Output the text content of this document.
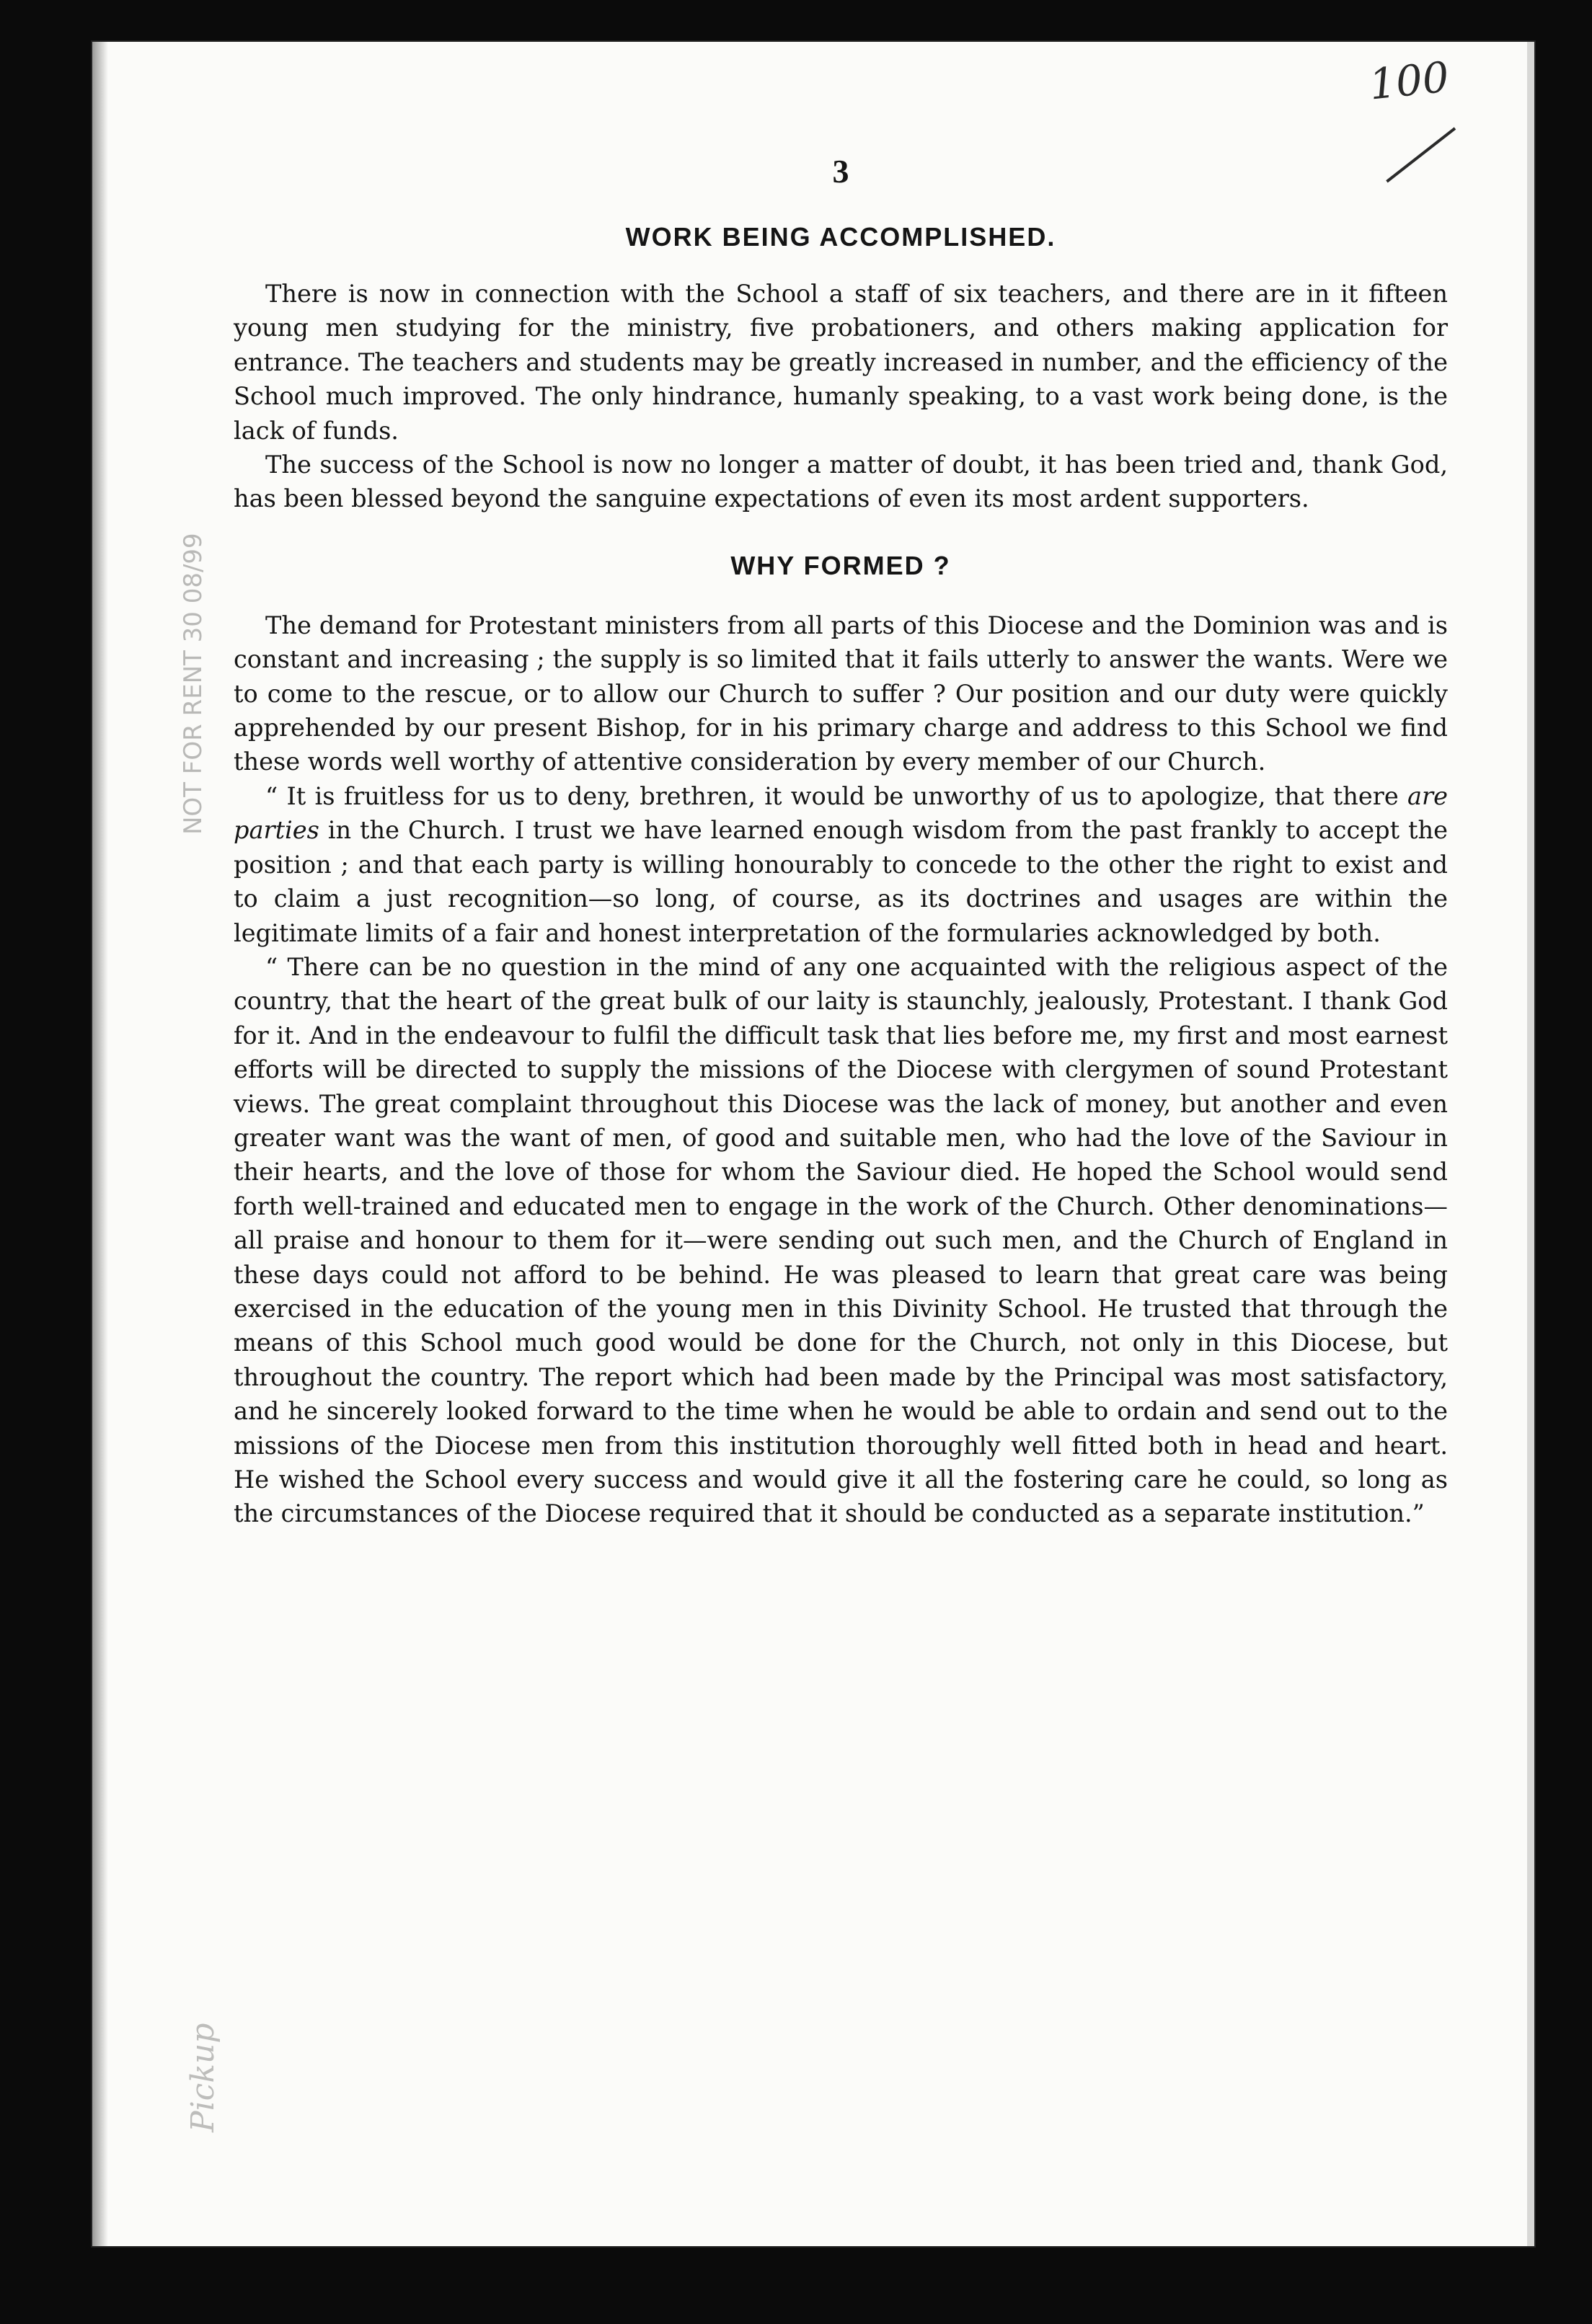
100
NOT FOR RENT 30 08/99
Pickup
3
WORK BEING ACCOMPLISHED.

There is now in connection with the School a staff of six teachers, and there are in it fifteen young men studying for the ministry, five probationers, and others making application for entrance. The teachers and students may be greatly increased in number, and the efficiency of the School much improved. The only hindrance, humanly speaking, to a vast work being done, is the lack of funds.

The success of the School is now no longer a matter of doubt, it has been tried and, thank God, has been blessed beyond the sanguine expectations of even its most ardent supporters.

WHY FORMED ?

The demand for Protestant ministers from all parts of this Diocese and the Dominion was and is constant and increasing ; the supply is so limited that it fails utterly to answer the wants. Were we to come to the rescue, or to allow our Church to suffer ? Our position and our duty were quickly apprehended by our present Bishop, for in his primary charge and address to this School we find these words well worthy of attentive consideration by every member of our Church.

“ It is fruitless for us to deny, brethren, it would be unworthy of us to apologize, that there are parties in the Church. I trust we have learned enough wisdom from the past frankly to accept the position ; and that each party is willing honourably to concede to the other the right to exist and to claim a just recognition—so long, of course, as its doctrines and usages are within the legitimate limits of a fair and honest interpretation of the formularies acknowledged by both.

“ There can be no question in the mind of any one acquainted with the religious aspect of the country, that the heart of the great bulk of our laity is staunchly, jealously, Protestant. I thank God for it. And in the endeavour to fulfil the difficult task that lies before me, my first and most earnest efforts will be directed to supply the missions of the Diocese with clergymen of sound Protestant views. The great complaint throughout this Diocese was the lack of money, but another and even greater want was the want of men, of good and suitable men, who had the love of the Saviour in their hearts, and the love of those for whom the Saviour died. He hoped the School would send forth well-trained and educated men to engage in the work of the Church. Other denominations—all praise and honour to them for it—were sending out such men, and the Church of England in these days could not afford to be behind. He was pleased to learn that great care was being exercised in the education of the young men in this Divinity School. He trusted that through the means of this School much good would be done for the Church, not only in this Diocese, but throughout the country. The report which had been made by the Principal was most satisfactory, and he sincerely looked forward to the time when he would be able to ordain and send out to the missions of the Diocese men from this institution thoroughly well fitted both in head and heart. He wished the School every success and would give it all the fostering care he could, so long as the circumstances of the Diocese required that it should be conducted as a separate institution.”
